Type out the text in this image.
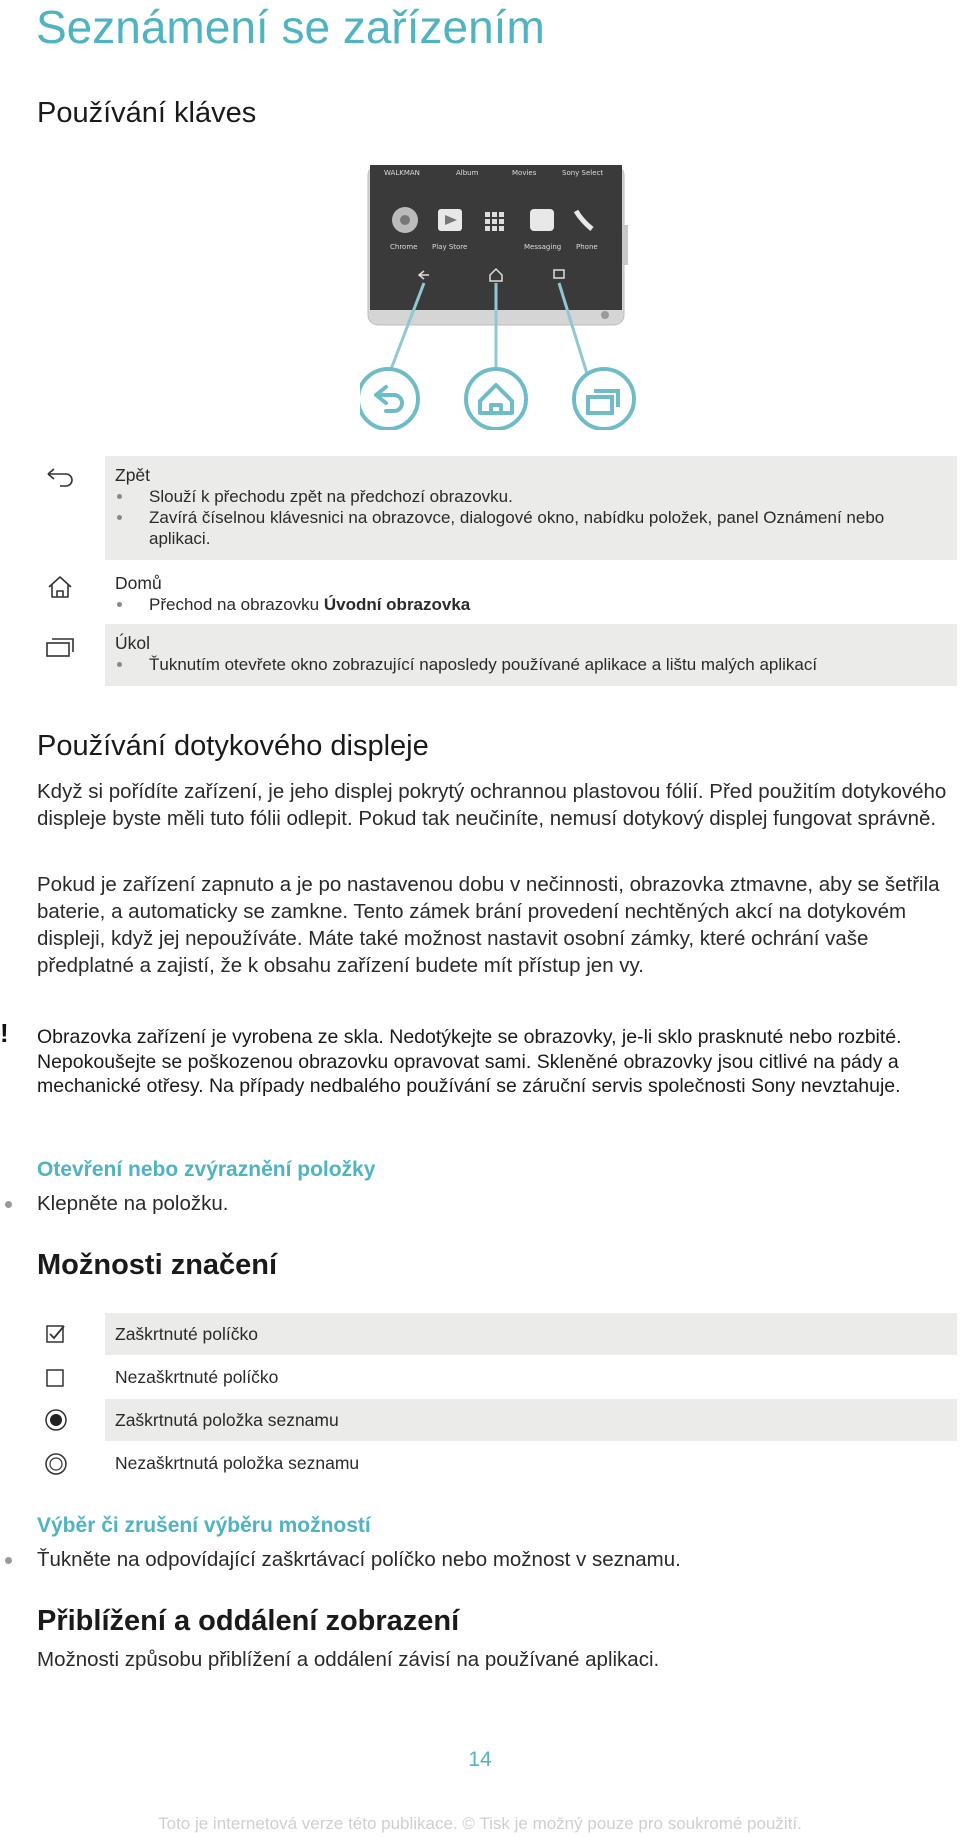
Seznámení se zařízením
Používání kláves
WALKMAN	Album	Movies	Sony Select
Chrome Play Store	Messaging Phone
Zpět
Slouží k přechodu zpět na předchozí obrazovku.
Zavírá číselnou klávesnici na obrazovce, dialogové okno, nabídku položek, panel Oznámení nebo aplikaci.
Domů
Přechod na obrazovku Úvodní obrazovka
Úkol
Ťuknutím otevřete okno zobrazující naposledy používané aplikace a lištu malých aplikací
Používání dotykového displeje
Když si pořídíte zařízení, je jeho displej pokrytý ochrannou plastovou fólií. Před použitím dotykového displeje byste měli tuto fólii odlepit. Pokud tak neučiníte, nemusí dotykový displej fungovat správně.
Pokud je zařízení zapnuto a je po nastavenou dobu v nečinnosti, obrazovka ztmavne, aby se šetřila baterie, a automaticky se zamkne. Tento zámek brání provedení nechtěných akcí na dotykovém displeji, když jej nepoužíváte. Máte také možnost nastavit osobní zámky, které ochrání vaše předplatné a zajistí, že k obsahu zařízení budete mít přístup jen vy.
! Obrazovka zařízení je vyrobena ze skla. Nedotýkejte se obrazovky, je-li sklo prasknuté nebo rozbité. Nepokoušejte se poškozenou obrazovku opravovat sami. Skleněné obrazovky jsou citlivé na pády a mechanické otřesy. Na případy nedbalého používání se záruční servis společnosti Sony nevztahuje.
Otevření nebo zvýraznění položky
Klepněte na položku.
Možnosti značení
Zaškrtnuté políčko
Nezaškrtnuté políčko
Zaškrtnutá položka seznamu
Nezaškrtnutá položka seznamu
Výběr či zrušení výběru možností
Ťukněte na odpovídající zaškrtávací políčko nebo možnost v seznamu.
Přiblížení a oddálení zobrazení
Možnosti způsobu přiblížení a oddálení závisí na používané aplikaci.
14
Toto je internetová verze této publikace. © Tisk je možný pouze pro soukromé použití.
